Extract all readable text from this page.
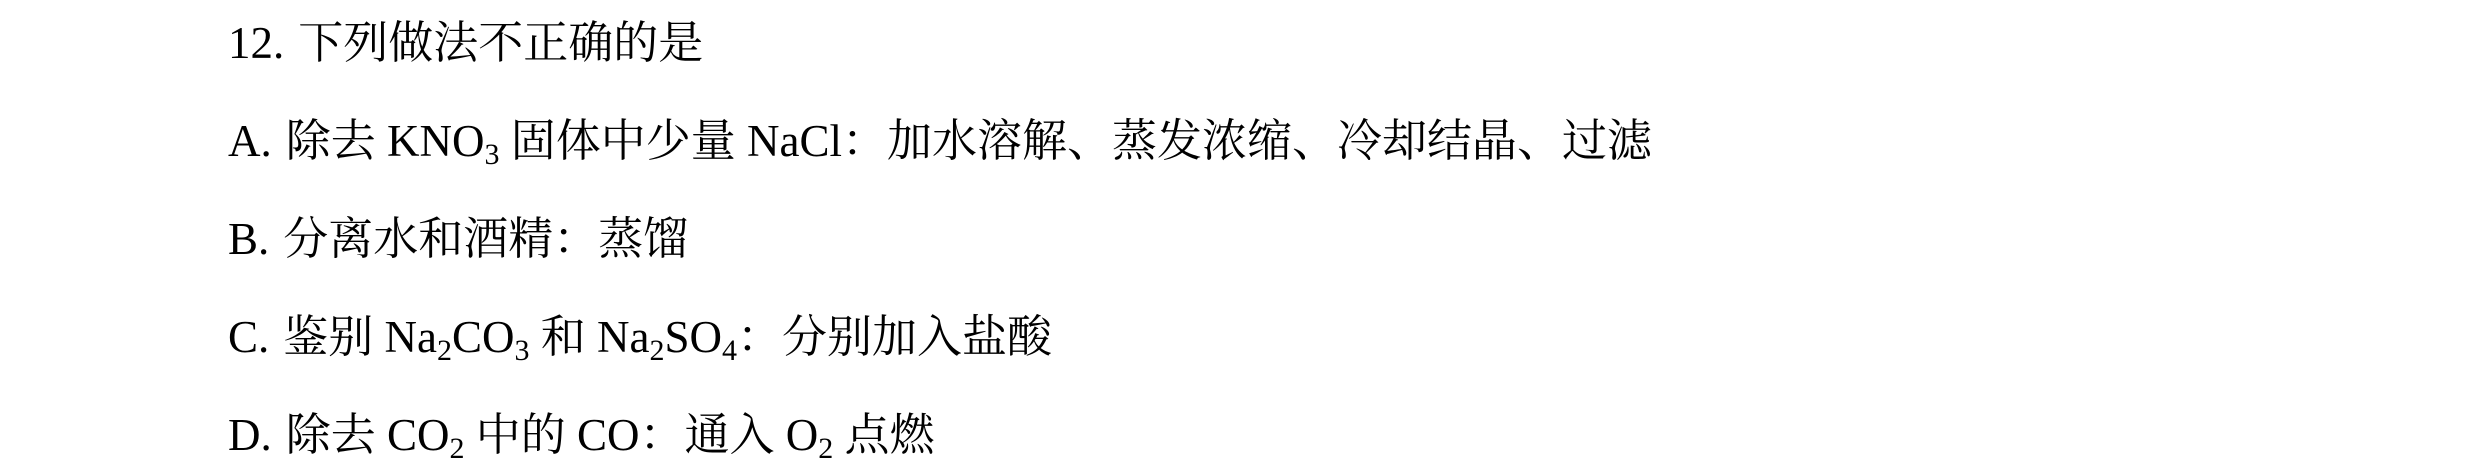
12. 下列做法不正确的是
A. 除去 $KNO_3$ 固体中少量 NaCl：加水溶解、蒸发浓缩、冷却结晶、过滤
B. 分离水和酒精：蒸馏
C. 鉴别 $Na_2CO_3$ 和 $Na_2SO_4$：分别加入盐酸
D. 除去 $CO_2$ 中的 CO：通入 $O_2$ 点燃
